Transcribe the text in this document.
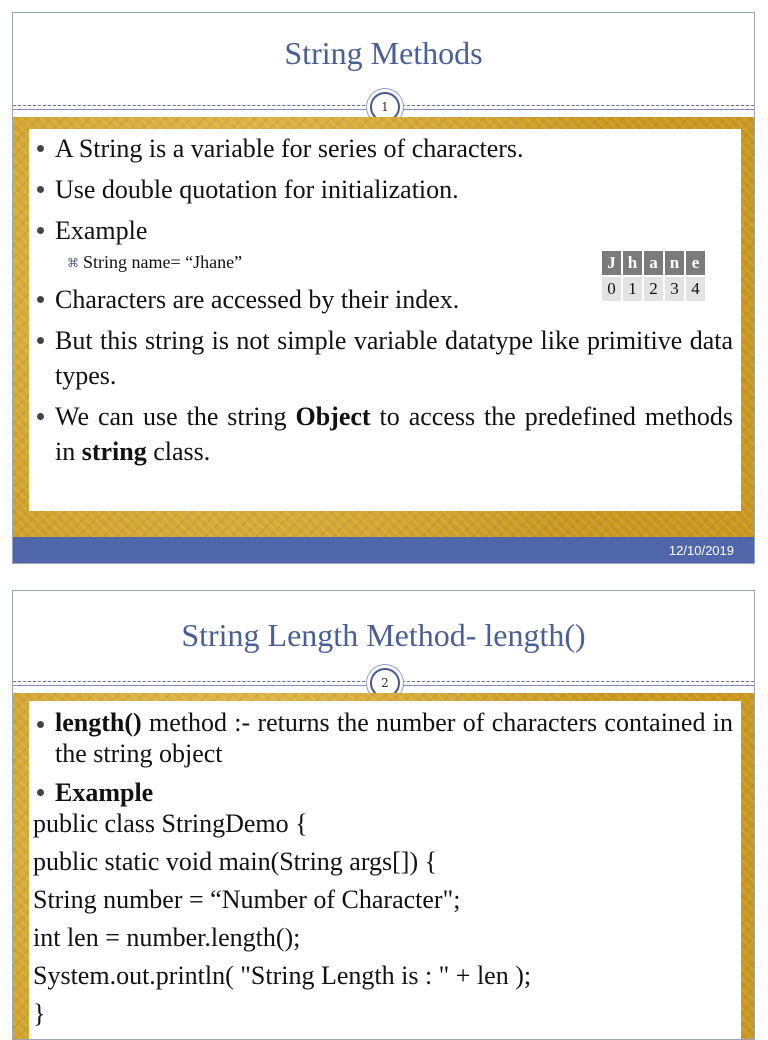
String Methods
1
A String is a variable for series of characters.
Use double quotation for initialization.
Example
⌘ String name= “Jhane”
Characters are accessed by their index.
But this string is not simple variable datatype like primitive data types.
We can use the string Object to access the predefined methods in string class.
J	h	a	n	e
0	1	2	3	4
12/10/2019
String Length Method- length()
2
length() method :- returns the number of characters contained in the string object
Example
public class StringDemo {
public static void main(String args[]) {
String number = “Number of Character";
int len = number.length();
System.out.println( "String Length is : " + len );
}
